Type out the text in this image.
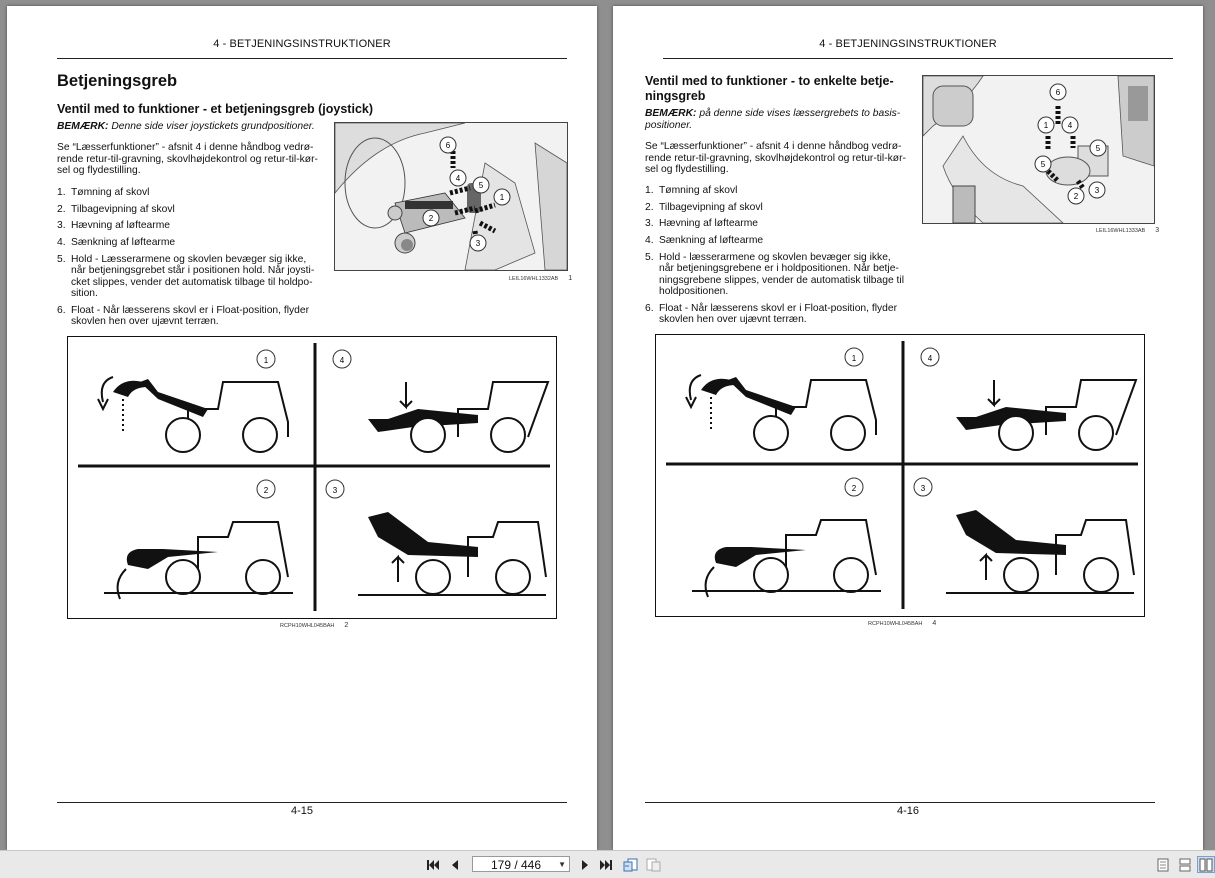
4 - BETJENINGSINSTRUKTIONER
Betjeningsgreb
Ventil med to funktioner - et betjeningsgreb (joystick)
BEMÆRK: Denne side viser joystickets grundpositioner.
Se “Læsserfunktioner” - afsnit 4 i denne håndbog vedrø-
rende retur-til-gravning, skovlhøjdekontrol og retur-til-kør-
sel og flydestilling.
1. Tømning af skovl
2. Tilbagevipning af skovl
3. Hævning af løftearme
4. Sænkning af løftearme
5. Hold - Læsserarmene og skovlen bevæger sig ikke,
når betjeningsgrebet står i positionen hold. Når joysti-
cket slippes, vender det automatisk tilbage til holdpo-
sition.
6. Float - Når læsserens skovl er i Float-position, flyder
skovlen hen over ujævnt terræn.
6
4
5
1
2
3
LEIL16WHL1332AB 1
1	4
2	3
RCPH10WHL045BAH 2
4-15
4 - BETJENINGSINSTRUKTIONER
Ventil med to funktioner - to enkelte betje-
ningsgreb
BEMÆRK: på denne side vises læssergrebets to basis-
positioner.
Se “Læsserfunktioner” - afsnit 4 i denne håndbog vedrø-
rende retur-til-gravning, skovlhøjdekontrol og retur-til-kør-
sel og flydestilling.
1. Tømning af skovl
2. Tilbagevipning af skovl
3. Hævning af løftearme
4. Sænkning af løftearme
5. Hold - læsserarmene og skovlen bevæger sig ikke,
når betjeningsgrebene er i holdpositionen. Når betje-
ningsgrebene slippes, vender de automatisk tilbage til
holdpositionen.
6. Float - Når læsserens skovl er i Float-position, flyder
skovlen hen over ujævnt terræn.
6
1 4
5
5
2
3
LEIL16WHL1333AB 3
1	4
2	3
RCPH10WHL045BAH 4
4-16
179 / 446	▼
